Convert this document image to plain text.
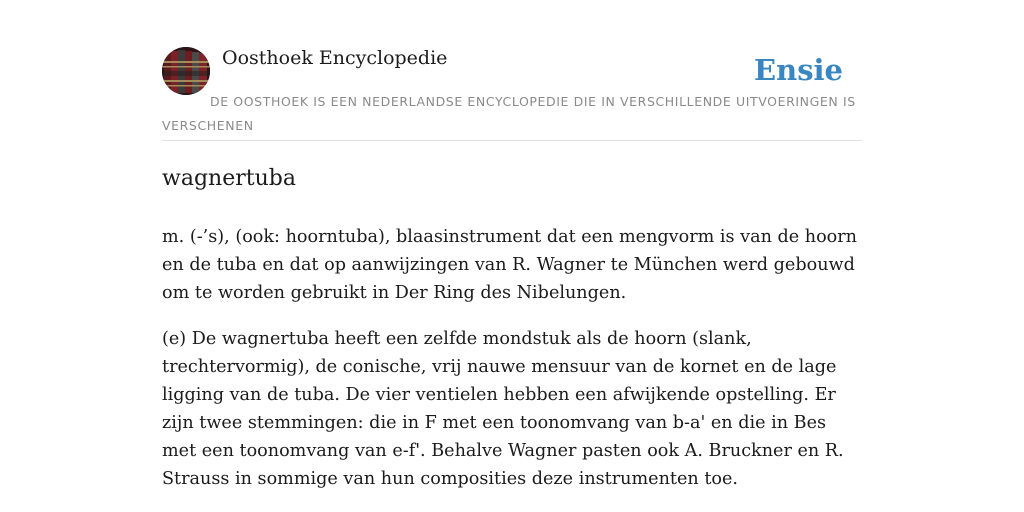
Oosthoek Encyclopedie	Ensie
DE OOSTHOEK IS EEN NEDERLANDSE ENCYCLOPEDIE DIE IN VERSCHILLENDE UITVOERINGEN IS VERSCHENEN
wagnertuba

m. (-’s), (ook: hoorntuba), blaasinstrument dat een mengvorm is van de hoorn en de tuba en dat op aanwijzingen van R. Wagner te München werd gebouwd om te worden gebruikt in Der Ring des Nibelungen.

(e) De wagnertuba heeft een zelfde mondstuk als de hoorn (slank, trechtervormig), de conische, vrij nauwe mensuur van de kornet en de lage ligging van de tuba. De vier ventielen hebben een afwijkende opstelling. Er zijn twee stemmingen: die in F met een toonomvang van b-a' en die in Bes met een toonomvang van e-f'. Behalve Wagner pasten ook A. Bruckner en R. Strauss in sommige van hun composities deze instrumenten toe.
